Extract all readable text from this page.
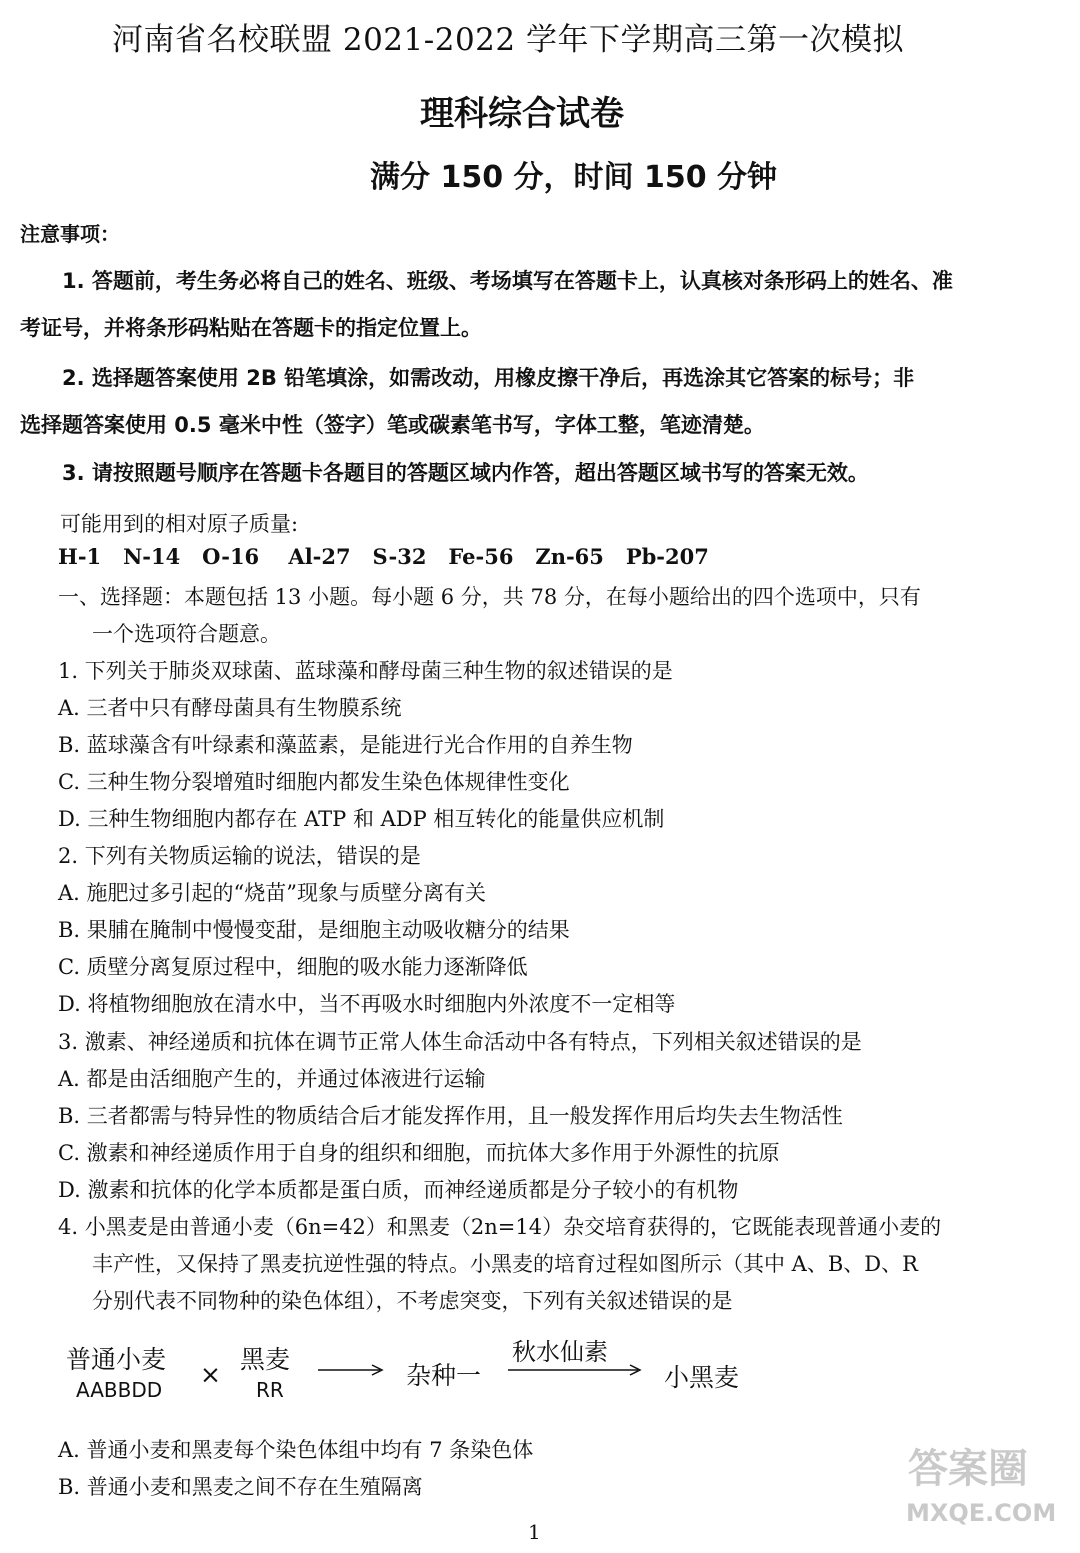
河南省名校联盟 2021-2022 学年下学期高三第一次模拟
理科综合试卷
满分 150 分，时间 150 分钟
注意事项：
1. 答题前，考生务必将自己的姓名、班级、考场填写在答题卡上，认真核对条形码上的姓名、准
考证号，并将条形码粘贴在答题卡的指定位置上。
2. 选择题答案使用 2B 铅笔填涂，如需改动，用橡皮擦干净后，再选涂其它答案的标号；非
选择题答案使用 0.5 毫米中性（签字）笔或碳素笔书写，字体工整，笔迹清楚。
3. 请按照题号顺序在答题卡各题目的答题区域内作答，超出答题区域书写的答案无效。
可能用到的相对原子质量:
H-1   N-14   O-16    Al-27   S-32   Fe-56   Zn-65   Pb-207
一、选择题：本题包括 13 小题。每小题 6 分，共 78 分，在每小题给出的四个选项中，只有
一个选项符合题意。
1. 下列关于肺炎双球菌、蓝球藻和酵母菌三种生物的叙述错误的是
A. 三者中只有酵母菌具有生物膜系统
B. 蓝球藻含有叶绿素和藻蓝素，是能进行光合作用的自养生物
C. 三种生物分裂增殖时细胞内都发生染色体规律性变化
D. 三种生物细胞内都存在 ATP 和 ADP 相互转化的能量供应机制
2. 下列有关物质运输的说法，错误的是
A. 施肥过多引起的“烧苗”现象与质壁分离有关
B. 果脯在腌制中慢慢变甜，是细胞主动吸收糖分的结果
C. 质壁分离复原过程中，细胞的吸水能力逐渐降低
D. 将植物细胞放在清水中，当不再吸水时细胞内外浓度不一定相等
3. 激素、神经递质和抗体在调节正常人体生命活动中各有特点，下列相关叙述错误的是
A. 都是由活细胞产生的，并通过体液进行运输
B. 三者都需与特异性的物质结合后才能发挥作用，且一般发挥作用后均失去生物活性
C. 激素和神经递质作用于自身的组织和细胞，而抗体大多作用于外源性的抗原
D. 激素和抗体的化学本质都是蛋白质，而神经递质都是分子较小的有机物
4. 小黑麦是由普通小麦（6n=42）和黑麦（2n=14）杂交培育获得的，它既能表现普通小麦的
丰产性，又保持了黑麦抗逆性强的特点。小黑麦的培育过程如图所示（其中 A、B、D、R
分别代表不同物种的染色体组），不考虑突变，下列有关叙述错误的是
普通小麦
AABBDD
×
黑麦
RR	杂种一
秋水仙素
小黑麦
A. 普通小麦和黑麦每个染色体组中均有 7 条染色体
B. 普通小麦和黑麦之间不存在生殖隔离
1
答案圈
MXQE.COM
